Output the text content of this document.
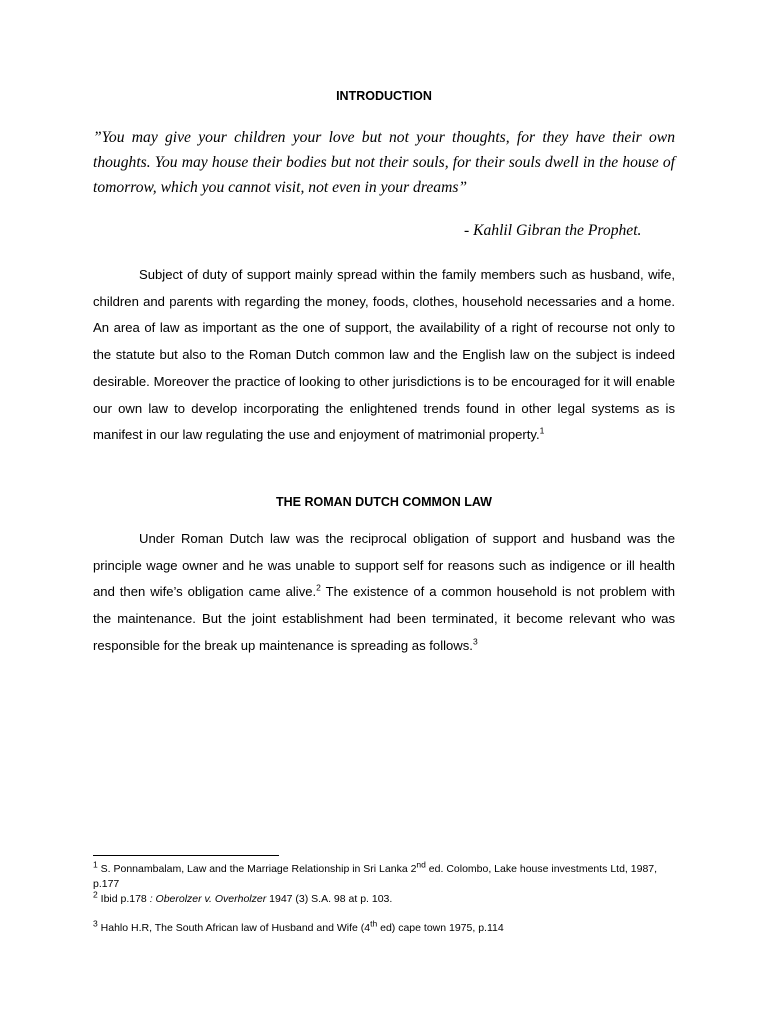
INTRODUCTION

”You may give your children your love but not your thoughts, for they have their own thoughts. You may house their bodies but not their souls, for their souls dwell in the house of tomorrow, which you cannot visit, not even in your dreams”

- Kahlil Gibran the Prophet.

Subject of duty of support mainly spread within the family members such as husband, wife, children and parents with regarding the money, foods, clothes, household necessaries and a home. An area of law as important as the one of support, the availability of a right of recourse not only to the statute but also to the Roman Dutch common law and the English law on the subject is indeed desirable. Moreover the practice of looking to other jurisdictions is to be encouraged for it will enable our own law to develop incorporating the enlightened trends found in other legal systems as is manifest in our law regulating the use and enjoyment of matrimonial property.$^1$

THE ROMAN DUTCH COMMON LAW

Under Roman Dutch law was the reciprocal obligation of support and husband was the principle wage owner and he was unable to support self for reasons such as indigence or ill health and then wife’s obligation came alive.$^2$ The existence of a common household is not problem with the maintenance. But the joint establishment had been terminated, it become relevant who was responsible for the break up maintenance is spreading as follows.$^3$

$^1$ S. Ponnambalam, Law and the Marriage Relationship in Sri Lanka 2nd ed. Colombo, Lake house investments Ltd, 1987, p.177

$^2$ Ibid p.178 : Oberolzer v. Overholzer 1947 (3) S.A. 98 at p. 103.

$^3$ Hahlo H.R, The South African law of Husband and Wife (4th ed) cape town 1975, p.114
